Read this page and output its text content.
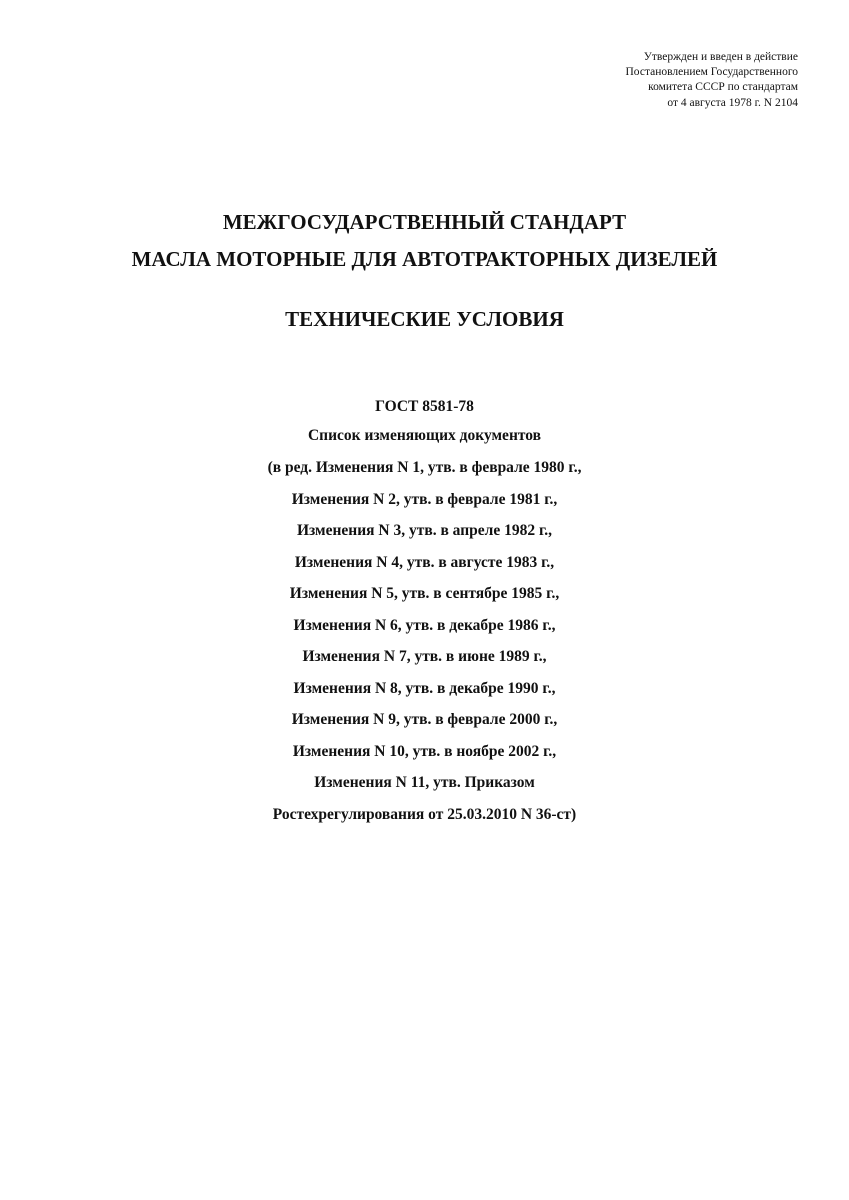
Утвержден и введен в действие
Постановлением Государственного
комитета СССР по стандартам
от 4 августа 1978 г. N 2104
МЕЖГОСУДАРСТВЕННЫЙ СТАНДАРТ
МАСЛА МОТОРНЫЕ ДЛЯ АВТОТРАКТОРНЫХ ДИЗЕЛЕЙ
ТЕХНИЧЕСКИЕ УСЛОВИЯ
ГОСТ 8581-78
Список изменяющих документов
(в ред. Изменения N 1, утв. в феврале 1980 г.,
Изменения N 2, утв. в феврале 1981 г.,
Изменения N 3, утв. в апреле 1982 г.,
Изменения N 4, утв. в августе 1983 г.,
Изменения N 5, утв. в сентябре 1985 г.,
Изменения N 6, утв. в декабре 1986 г.,
Изменения N 7, утв. в июне 1989 г.,
Изменения N 8, утв. в декабре 1990 г.,
Изменения N 9, утв. в феврале 2000 г.,
Изменения N 10, утв. в ноябре 2002 г.,
Изменения N 11, утв. Приказом
Ростехрегулирования от 25.03.2010 N 36-ст)
